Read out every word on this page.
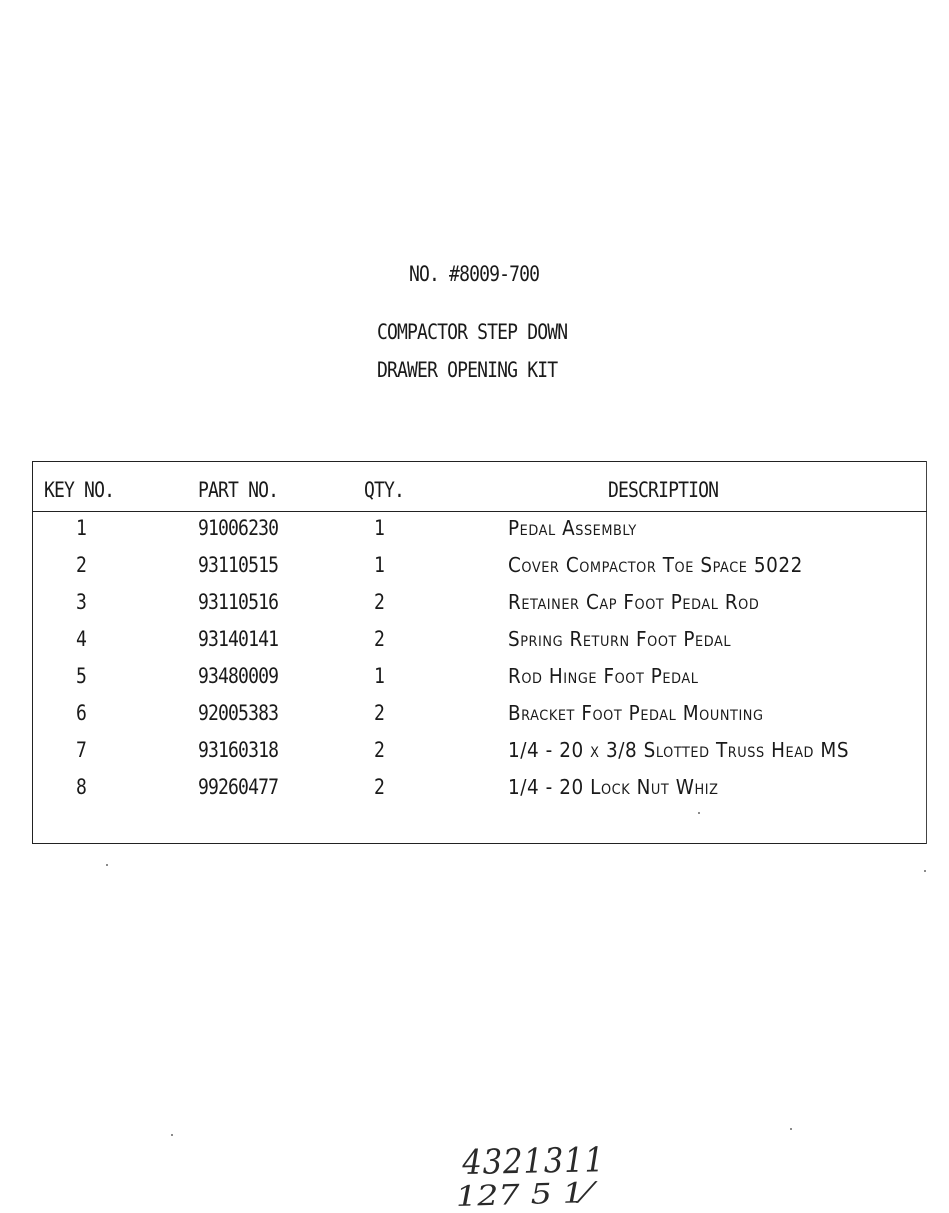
NO. #8009-700
COMPACTOR STEP DOWN
DRAWER OPENING KIT
KEY NO.	PART NO.	QTY.	DESCRIPTION
1	91006230	1	Pedal Assembly
2	93110515	1	Cover Compactor Toe Space 5022
3	93110516	2	Retainer Cap Foot Pedal Rod
4	93140141	2	Spring Return Foot Pedal
5	93480009	1	Rod Hinge Foot Pedal
6	92005383	2	Bracket Foot Pedal Mounting
7	93160318	2	1/4 - 20 x 3/8 Slotted Truss Head MS
8	99260477	2	1/4 - 20 Lock Nut Whiz
4321311
127 5 1⁄
